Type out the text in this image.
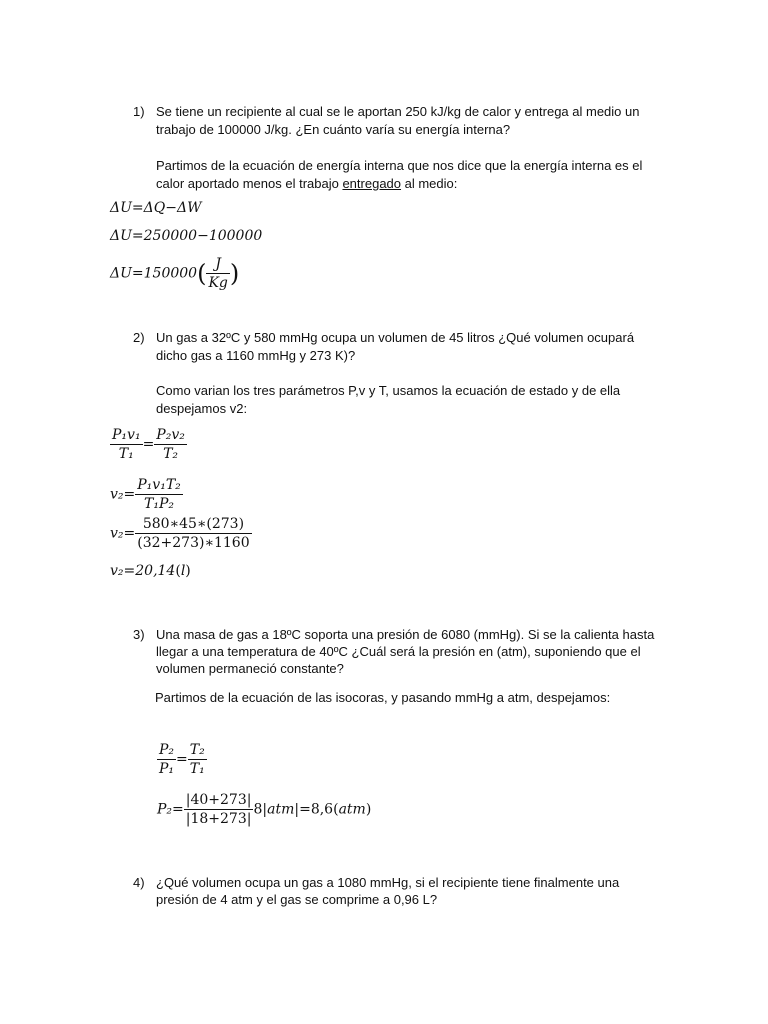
1) Se tiene un recipiente al cual se le aportan 250 kJ/kg de calor y entrega al medio un
trabajo de 100000 J/kg. ¿En cuánto varía su energía interna?
Partimos de la ecuación de energía interna que nos dice que la energía interna es el
calor aportado menos el trabajo entregado al medio:
ΔU=ΔQ−ΔW
ΔU=250000−100000
$\Delta U=150000( \frac{J}{Kg}$ )
2) Un gas a 32ºC y 580 mmHg ocupa un volumen de 45 litros ¿Qué volumen ocupará
dicho gas a 1160 mmHg y 273 K)?
Como varian los tres parámetros P,v y T, usamos la ecuación de estado y de ella
despejamos v2:
$\frac{\text{P₁v₁}}{\text{T₁}} = \frac{\text{P₂v₂}}{\text{T₂}}$
$v_2= \frac{\text{P₁v₁T₂}}{\text{T₁P₂}}$
$v_2= \frac{580∗45∗(273)}{(32+273)∗1160}$
v₂=20,14(l)
3) Una masa de gas a 18ºC soporta una presión de 6080 (mmHg). Si se la calienta hasta
llegar a una temperatura de 40ºC ¿Cuál será la presión en (atm), suponiendo que el
volumen permaneció constante?
Partimos de la ecuación de las isocoras, y pasando mmHg a atm, despejamos:
$\frac{\text{P₂}}{\text{P₁}} = \frac{\text{T₂}}{\text{T₁}}$
$P_2= \frac{|40+273|}{|18+273|} 8|atm|=8,6(atm)$
4) ¿Qué volumen ocupa un gas a 1080 mmHg, si el recipiente tiene finalmente una
presión de 4 atm y el gas se comprime a 0,96 L?
